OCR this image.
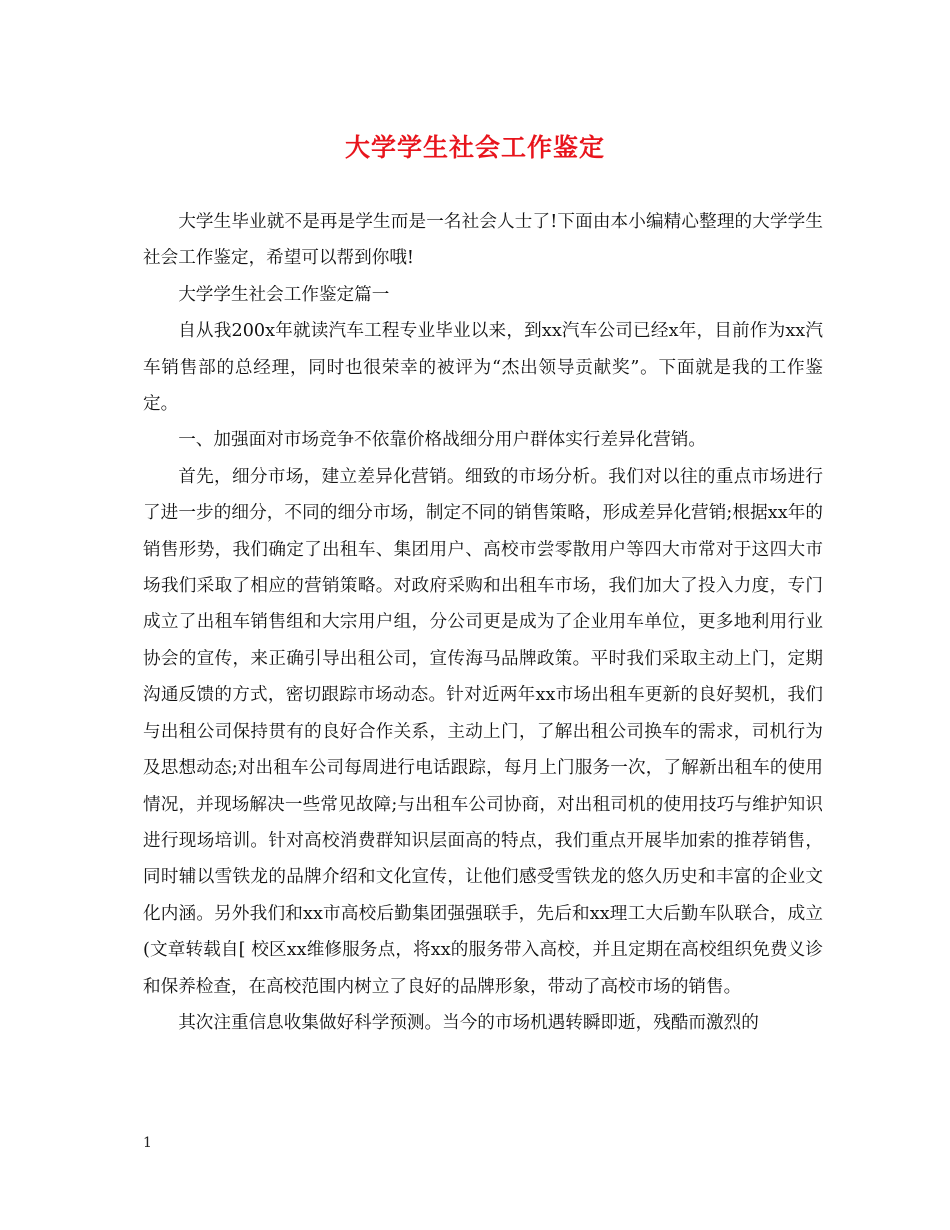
大学学生社会工作鉴定

大学生毕业就不是再是学生而是一名社会人士了!下面由本小编精心整理的大学学生社会工作鉴定，希望可以帮到你哦!

大学学生社会工作鉴定篇一

自从我200x年就读汽车工程专业毕业以来，到xx汽车公司已经x年，目前作为xx汽车销售部的总经理，同时也很荣幸的被评为“杰出领导贡献奖”。下面就是我的工作鉴定。

一、加强面对市场竞争不依靠价格战细分用户群体实行差异化营销。

首先，细分市场，建立差异化营销。细致的市场分析。我们对以往的重点市场进行了进一步的细分，不同的细分市场，制定不同的销售策略，形成差异化营销;根据xx年的销售形势，我们确定了出租车、集团用户、高校市尝零散用户等四大市常对于这四大市场我们采取了相应的营销策略。对政府采购和出租车市场，我们加大了投入力度，专门成立了出租车销售组和大宗用户组，分公司更是成为了企业用车单位，更多地利用行业协会的宣传，来正确引导出租公司，宣传海马品牌政策。平时我们采取主动上门，定期沟通反馈的方式，密切跟踪市场动态。针对近两年xx市场出租车更新的良好契机，我们与出租公司保持贯有的良好合作关系，主动上门，了解出租公司换车的需求，司机行为及思想动态;对出租车公司每周进行电话跟踪，每月上门服务一次，了解新出租车的使用情况，并现场解决一些常见故障;与出租车公司协商，对出租司机的使用技巧与维护知识进行现场培训。针对高校消费群知识层面高的特点，我们重点开展毕加索的推荐销售，同时辅以雪铁龙的品牌介绍和文化宣传，让他们感受雪铁龙的悠久历史和丰富的企业文化内涵。另外我们和xx市高校后勤集团强强联手，先后和xx理工大后勤车队联合，成立(文章转载自[ 校区xx维修服务点，将xx的服务带入高校，并且定期在高校组织免费义诊和保养检查，在高校范围内树立了良好的品牌形象，带动了高校市场的销售。

其次注重信息收集做好科学预测。当今的市场机遇转瞬即逝，残酷而激烈的

1
